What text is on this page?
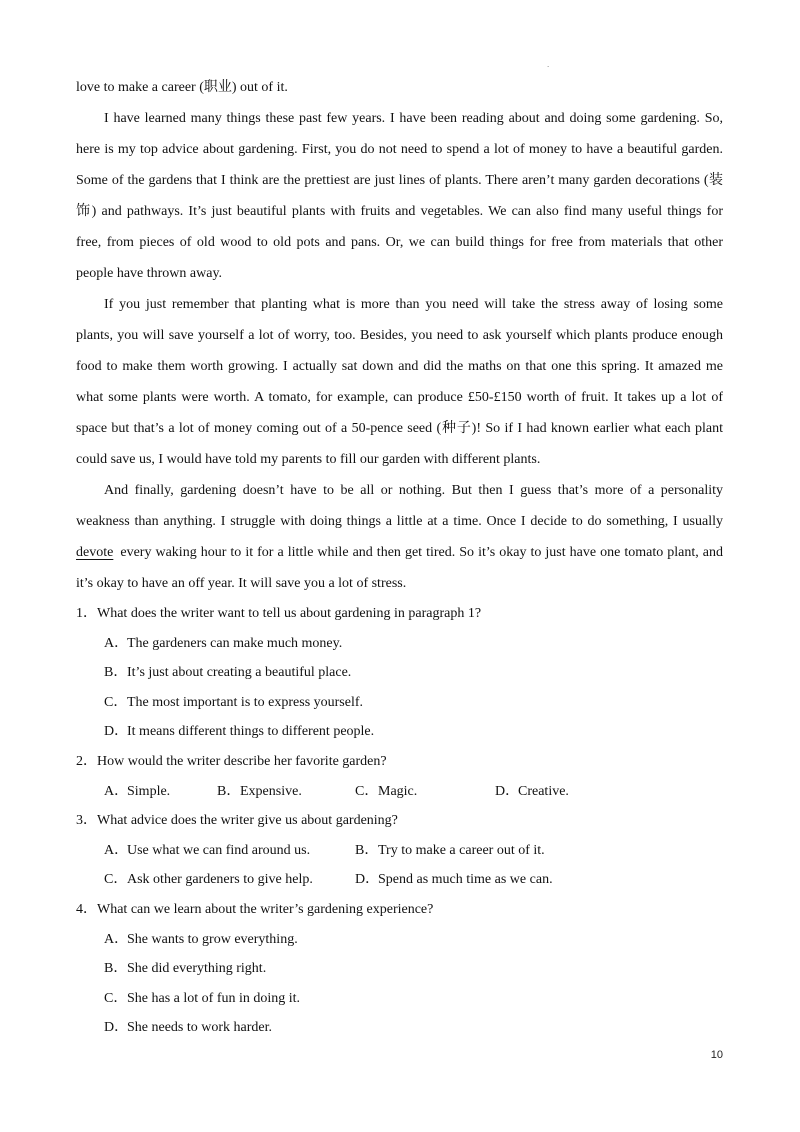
.
love to make a career (职业) out of it.
I have learned many things these past few years. I have been reading about and doing some gardening. So,
here is my top advice about gardening. First, you do not need to spend a lot of money to have a beautiful garden.
Some of the gardens that I think are the prettiest are just lines of plants. There aren’t many garden decorations (装
饰) and pathways. It’s just beautiful plants with fruits and vegetables. We can also find many useful things for
free, from pieces of old wood to old pots and pans. Or, we can build things for free from materials that other
people have thrown away.
If you just remember that planting what is more than you need will take the stress away of losing some
plants, you will save yourself a lot of worry, too. Besides, you need to ask yourself which plants produce enough
food to make them worth growing. I actually sat down and did the maths on that one this spring. It amazed me
what some plants were worth. A tomato, for example, can produce £50-£150 worth of fruit. It takes up a lot of
space but that’s a lot of money coming out of a 50-pence seed (种子)! So if I had known earlier what each plant
could save us, I would have told my parents to fill our garden with different plants.
And finally, gardening doesn’t have to be all or nothing. But then I guess that’s more of a personality
weakness than anything. I struggle with doing things a little at a time. Once I decide to do something, I usually
devote every waking hour to it for a little while and then get tired. So it’s okay to just have one tomato plant, and
it’s okay to have an off year. It will save you a lot of stress.
1．What does the writer want to tell us about gardening in paragraph 1?
A．The gardeners can make much money.
B．It’s just about creating a beautiful place.
C．The most important is to express yourself.
D．It means different things to different people.
2．How would the writer describe her favorite garden?
A．Simple.	B．Expensive.	C．Magic.	D．Creative.
3．What advice does the writer give us about gardening?
A．Use what we can find around us.	B．Try to make a career out of it.
C．Ask other gardeners to give help.	D．Spend as much time as we can.
4．What can we learn about the writer’s gardening experience?
A．She wants to grow everything.
B．She did everything right.
C．She has a lot of fun in doing it.
D．She needs to work harder.
10
